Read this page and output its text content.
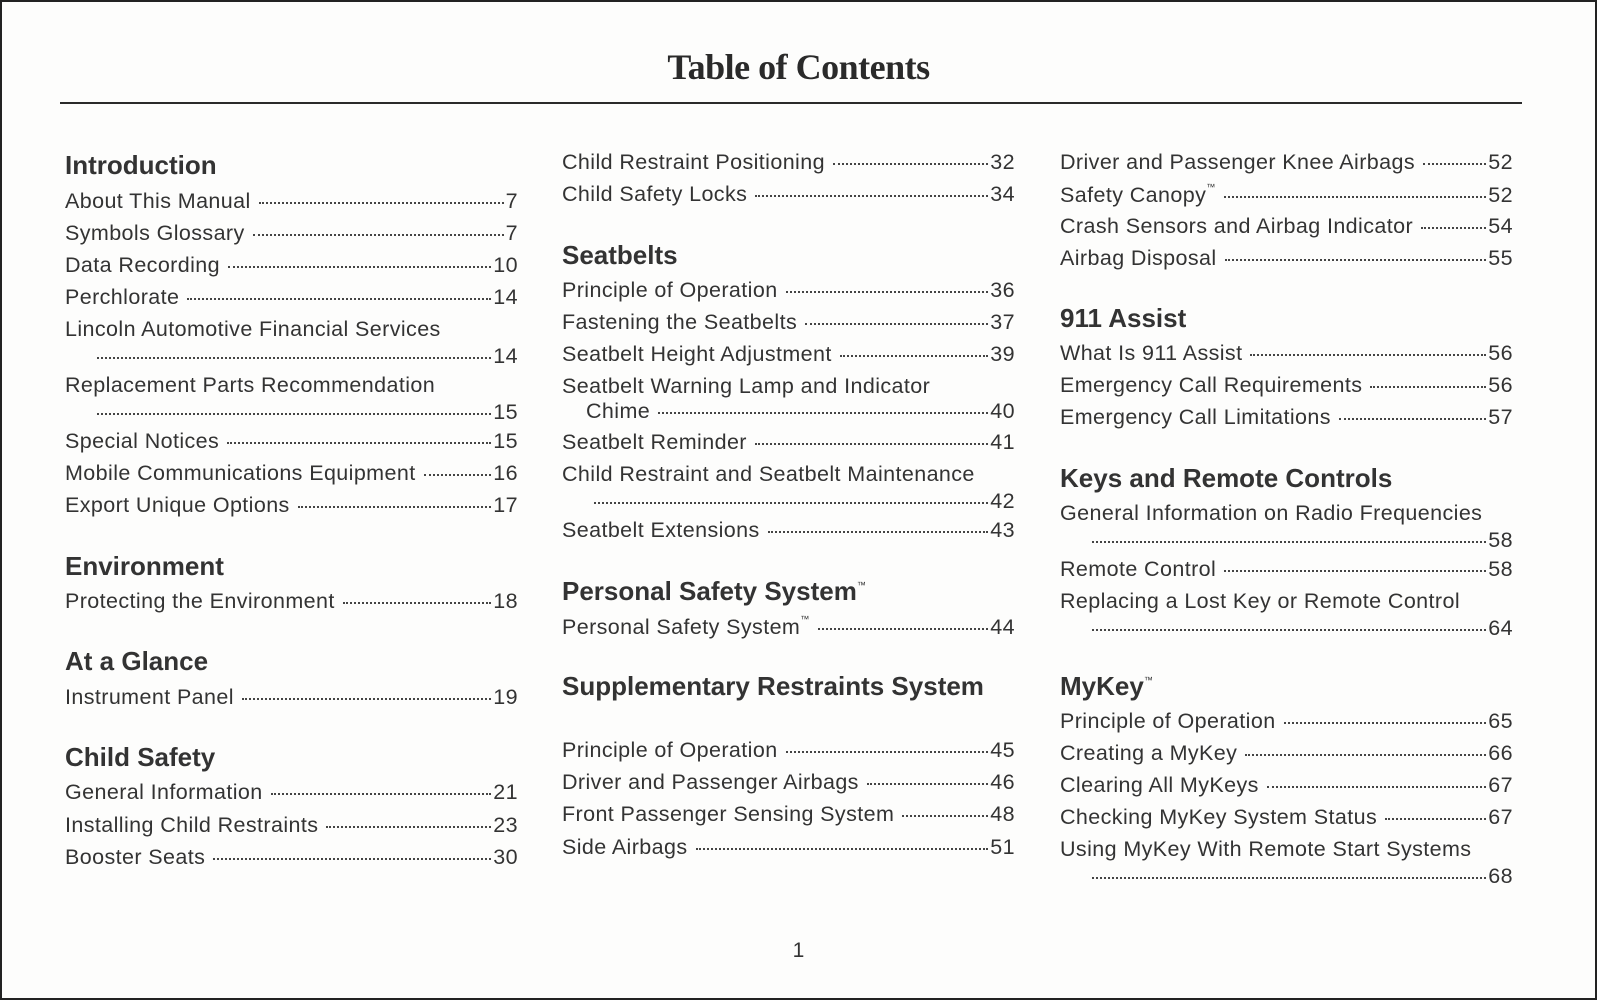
Table of Contents
Introduction
About This Manual	7
Symbols Glossary	7
Data Recording	10
Perchlorate	14
Lincoln Automotive Financial Services
14
Replacement Parts Recommendation
15
Special Notices	15
Mobile Communications Equipment	16
Export Unique Options	17
Environment
Protecting the Environment	18
At a Glance
Instrument Panel	19
Child Safety
General Information	21
Installing Child Restraints	23
Booster Seats	30
Child Restraint Positioning	32
Child Safety Locks	34
Seatbelts
Principle of Operation	36
Fastening the Seatbelts	37
Seatbelt Height Adjustment	39
Seatbelt Warning Lamp and Indicator
Chime	40
Seatbelt Reminder	41
Child Restraint and Seatbelt Maintenance
42
Seatbelt Extensions	43
Personal Safety System™
Personal Safety System™	44
Supplementary Restraints System
Principle of Operation	45
Driver and Passenger Airbags	46
Front Passenger Sensing System	48
Side Airbags	51
Driver and Passenger Knee Airbags	52
Safety Canopy™	52
Crash Sensors and Airbag Indicator	54
Airbag Disposal	55
911 Assist
What Is 911 Assist	56
Emergency Call Requirements	56
Emergency Call Limitations	57
Keys and Remote Controls
General Information on Radio Frequencies
58
Remote Control	58
Replacing a Lost Key or Remote Control
64
MyKey™
Principle of Operation	65
Creating a MyKey	66
Clearing All MyKeys	67
Checking MyKey System Status	67
Using MyKey With Remote Start Systems
68
1
